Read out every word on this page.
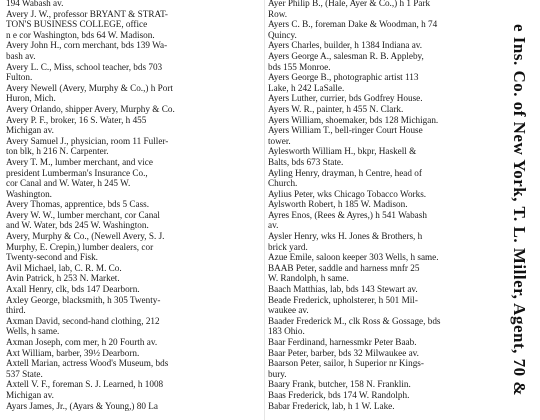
194 Wabash av.
Avery J. W., professor BRYANT & STRAT-
TON'S BUSINESS COLLEGE, office
n e cor Washington, bds 64 W. Madison.
Avery John H., corn merchant, bds 139 Wa-
bash av.
Avery L. C., Miss, school teacher, bds 703
Fulton.
Avery Newell (Avery, Murphy & Co.,) h Port
Huron, Mich.
Avery Orlando, shipper Avery, Murphy & Co.
Avery P. F., broker, 16 S. Water, h 455
Michigan av.
Avery Samuel J., physician, room 11 Fuller-
ton blk, h 216 N. Carpenter.
Avery T. M., lumber merchant, and vice
president Lumberman's Insurance Co.,
cor Canal and W. Water, h 245 W.
Washington.
Avery Thomas, apprentice, bds 5 Cass.
Avery W. W., lumber merchant, cor Canal
and W. Water, bds 245 W. Washington.
Avery, Murphy & Co., (Newell Avery, S. J.
Murphy, E. Crepin,) lumber dealers, cor
Twenty-second and Fisk.
Avil Michael, lab, C. R. M. Co.
Avin Patrick, h 253 N. Market.
Axall Henry, clk, bds 147 Dearborn.
Axley George, blacksmith, h 305 Twenty-
third.
Axman David, second-hand clothing, 212
Wells, h same.
Axman Joseph, com mer, h 20 Fourth av.
Axt William, barber, 39½ Dearborn.
Axtell Marian, actress Wood's Museum, bds
537 State.
Axtell V. F., foreman S. J. Learned, h 1008
Michigan av.
Ayars James, Jr., (Ayars & Young,) 80 La
Ayer Philip B., (Hale, Ayer & Co.,) h 1 Park
Row.
Ayers C. B., foreman Dake & Woodman, h 74
Quincy.
Ayers Charles, builder, h 1384 Indiana av.
Ayers George A., salesman R. B. Appleby,
bds 155 Monroe.
Ayers George B., photographic artist 113
Lake, h 242 LaSalle.
Ayers Luther, currier, bds Godfrey House.
Ayers W. R., painter, h 455 N. Clark.
Ayers William, shoemaker, bds 128 Michigan.
Ayers William T., bell-ringer Court House
tower.
Aylesworth William H., bkpr, Haskell &
Balts, bds 673 State.
Ayling Henry, drayman, h Centre, head of
Church.
Aylius Peter, wks Chicago Tobacco Works.
Aylsworth Robert, h 185 W. Madison.
Ayres Enos, (Rees & Ayres,) h 541 Wabash
av.
Aysler Henry, wks H. Jones & Brothers, h
brick yard.
Azue Emile, saloon keeper 303 Wells, h same.
BAAB Peter, saddle and harness mnfr 25
W. Randolph, h same.
Baach Matthias, lab, bds 143 Stewart av.
Beade Frederick, upholsterer, h 501 Mil-
waukee av.
Baader Frederick M., clk Ross & Gossage, bds
183 Ohio.
Baar Ferdinand, harnessmkr Peter Baab.
Baar Peter, barber, bds 32 Milwaukee av.
Baarson Peter, sailor, h Superior nr Kings-
bury.
Baary Frank, butcher, 158 N. Franklin.
Baas Frederick, bds 174 W. Randolph.
Babar Frederick, lab, h 1 W. Lake.
e Ins. Co. of New York, T. L. Miller, Agent, 70 &
